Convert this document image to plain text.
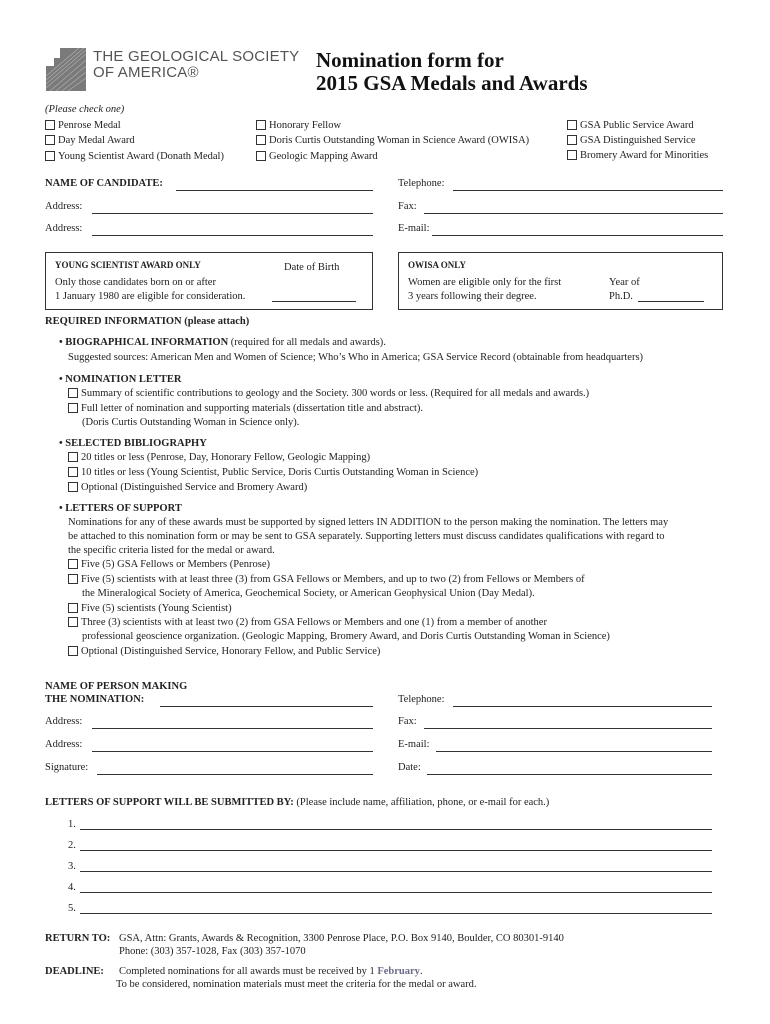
THE GEOLOGICAL SOCIETY
OF AMERICA®
Nomination form for
2015 GSA Medals and Awards
(Please check one)
Penrose Medal
Day Medal Award
Young Scientist Award (Donath Medal)
Honorary Fellow
Doris Curtis Outstanding Woman in Science Award (OWISA)
Geologic Mapping Award
GSA Public Service Award
GSA Distinguished Service
Bromery Award for Minorities
NAME OF CANDIDATE:	Telephone:
Address:	Fax:
Address:	E-mail:
YOUNG SCIENTIST AWARD ONLY	Date of Birth
Only those candidates born on or after
1 January 1980 are eligible for consideration.
OWISA ONLY
Women are eligible only for the first
3 years following their degree.
Year of
Ph.D.
REQUIRED INFORMATION (please attach)
• BIOGRAPHICAL INFORMATION (required for all medals and awards).
Suggested sources: American Men and Women of Science; Who’s Who in America; GSA Service Record (obtainable from headquarters)
• NOMINATION LETTER
Summary of scientific contributions to geology and the Society. 300 words or less. (Required for all medals and awards.)
Full letter of nomination and supporting materials (dissertation title and abstract).
(Doris Curtis Outstanding Woman in Science only).
• SELECTED BIBLIOGRAPHY
20 titles or less (Penrose, Day, Honorary Fellow, Geologic Mapping)
10 titles or less (Young Scientist, Public Service, Doris Curtis Outstanding Woman in Science)
Optional (Distinguished Service and Bromery Award)
• LETTERS OF SUPPORT
Nominations for any of these awards must be supported by signed letters IN ADDITION to the person making the nomination. The letters may
be attached to this nomination form or may be sent to GSA separately. Supporting letters must discuss candidates qualifications with regard to
the specific criteria listed for the medal or award.
Five (5) GSA Fellows or Members (Penrose)
Five (5) scientists with at least three (3) from GSA Fellows or Members, and up to two (2) from Fellows or Members of
the Mineralogical Society of America, Geochemical Society, or American Geophysical Union (Day Medal).
Five (5) scientists (Young Scientist)
Three (3) scientists with at least two (2) from GSA Fellows or Members and one (1) from a member of another
professional geoscience organization. (Geologic Mapping, Bromery Award, and Doris Curtis Outstanding Woman in Science)
Optional (Distinguished Service, Honorary Fellow, and Public Service)
NAME OF PERSON MAKING
THE NOMINATION:	Telephone:
Address:	Fax:
Address:	E-mail:
Signature:	Date:
LETTERS OF SUPPORT WILL BE SUBMITTED BY: (Please include name, affiliation, phone, or e-mail for each.)
1.
2.
3.
4.
5.
RETURN TO: GSA, Attn: Grants, Awards & Recognition, 3300 Penrose Place, P.O. Box 9140, Boulder, CO 80301-9140
Phone: (303) 357-1028, Fax (303) 357-1070
DEADLINE: Completed nominations for all awards must be received by 1 February.
To be considered, nomination materials must meet the criteria for the medal or award.
